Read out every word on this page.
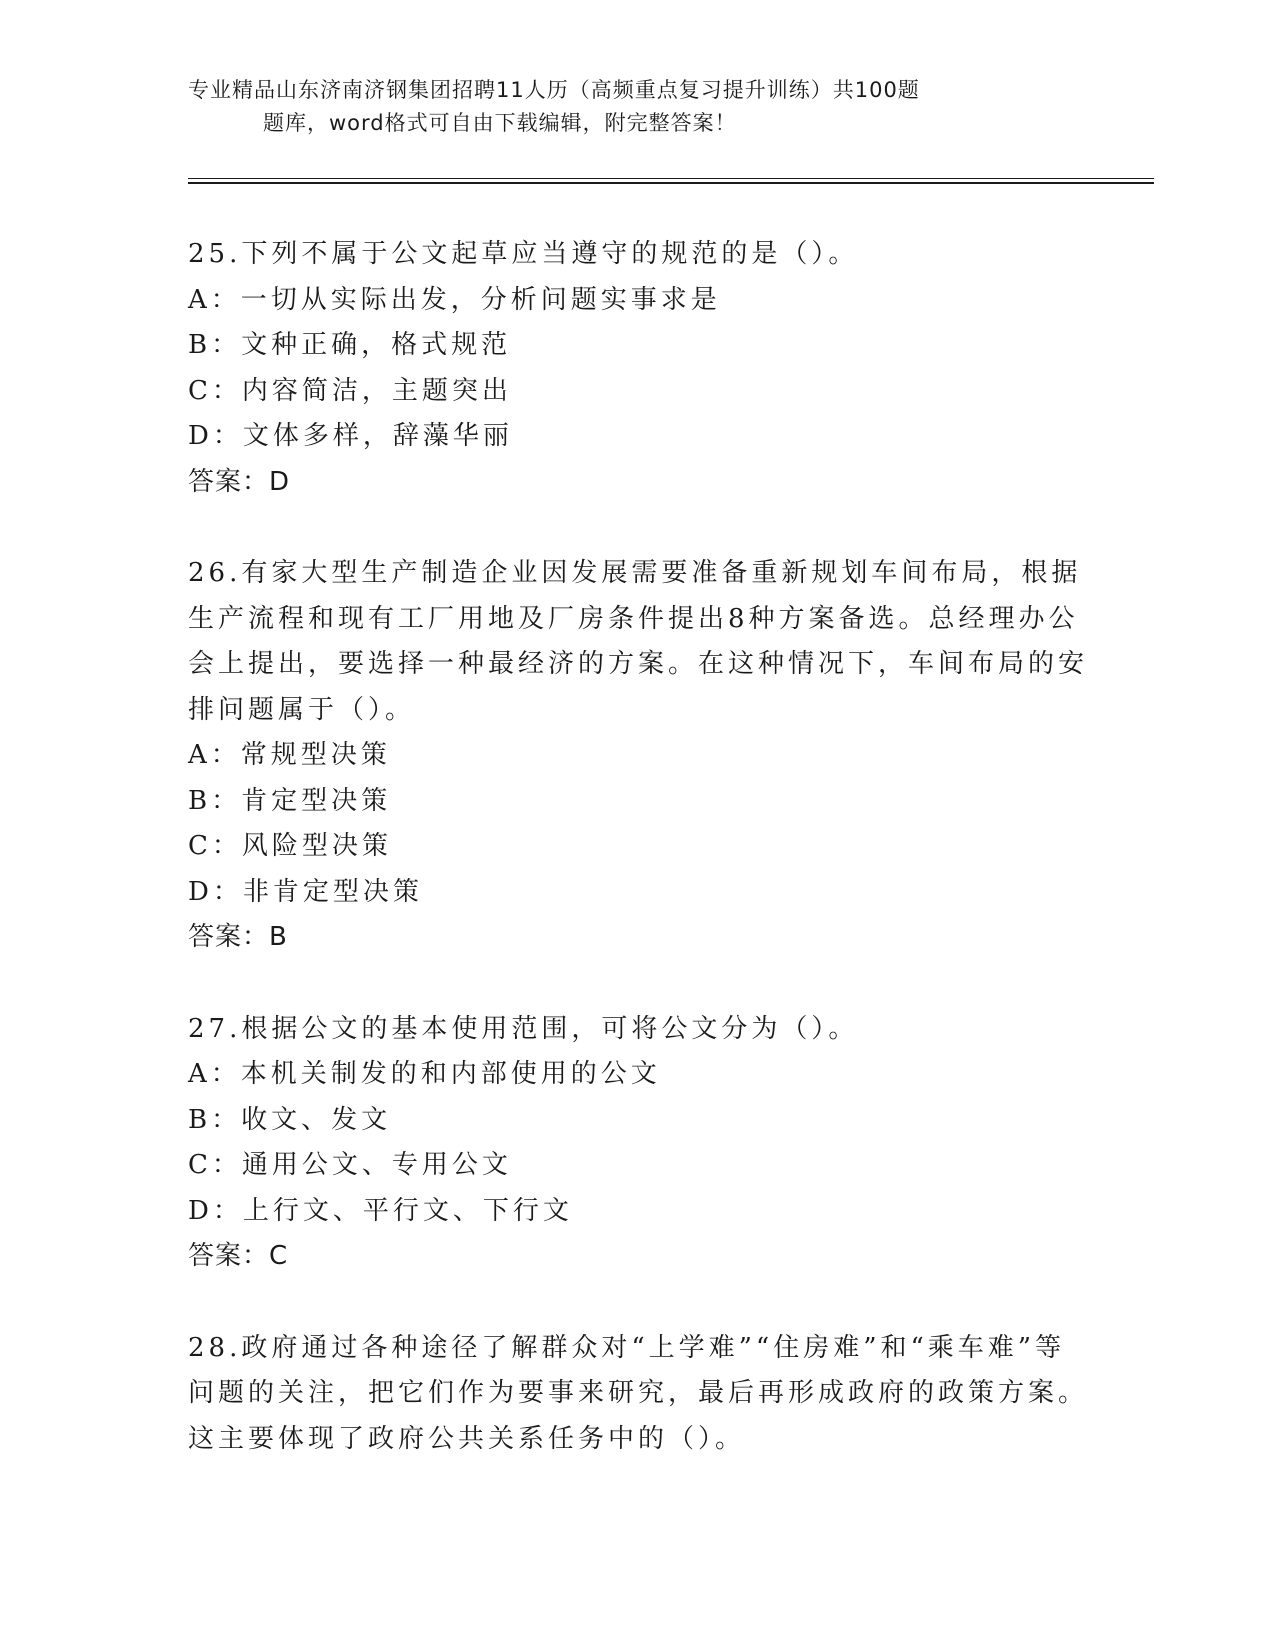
专业精品山东济南济钢集团招聘11人历（高频重点复习提升训练）共100题
题库，word格式可自由下载编辑，附完整答案！

25.下列不属于公文起草应当遵守的规范的是（）。

A：一切从实际出发，分析问题实事求是

B：文种正确，格式规范

C：内容简洁，主题突出

D：文体多样，辞藻华丽

答案：D

26.有家大型生产制造企业因发展需要准备重新规划车间布局，根据生产流程和现有工厂用地及厂房条件提出8种方案备选。总经理办公会上提出，要选择一种最经济的方案。在这种情况下，车间布局的安排问题属于（）。

A：常规型决策

B：肯定型决策

C：风险型决策

D：非肯定型决策

答案：B

27.根据公文的基本使用范围，可将公文分为（）。

A：本机关制发的和内部使用的公文

B：收文、发文

C：通用公文、专用公文

D：上行文、平行文、下行文

答案：C

28.政府通过各种途径了解群众对“上学难”“住房难”和“乘车难”等问题的关注，把它们作为要事来研究，最后再形成政府的政策方案。这主要体现了政府公共关系任务中的（）。
